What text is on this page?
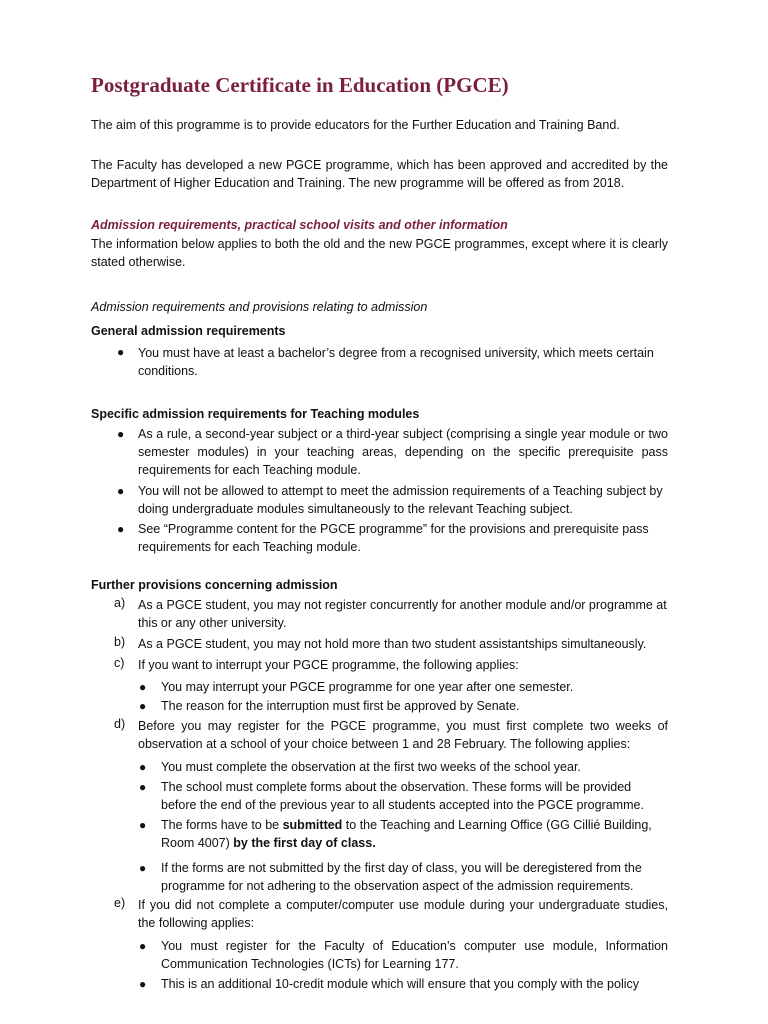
Postgraduate Certificate in Education (PGCE)
The aim of this programme is to provide educators for the Further Education and Training Band.
The Faculty has developed a new PGCE programme, which has been approved and accredited by the Department of Higher Education and Training. The new programme will be offered as from 2018.
Admission requirements, practical school visits and other information
The information below applies to both the old and the new PGCE programmes, except where it is clearly stated otherwise.
Admission requirements and provisions relating to admission
General admission requirements
● You must have at least a bachelor’s degree from a recognised university, which meets certain conditions.
Specific admission requirements for Teaching modules
● As a rule, a second-year subject or a third-year subject (comprising a single year module or two semester modules) in your teaching areas, depending on the specific prerequisite pass requirements for each Teaching module.
● You will not be allowed to attempt to meet the admission requirements of a Teaching subject by doing undergraduate modules simultaneously to the relevant Teaching subject.
● See “Programme content for the PGCE programme” for the provisions and prerequisite pass requirements for each Teaching module.
Further provisions concerning admission
a) As a PGCE student, you may not register concurrently for another module and/or programme at this or any other university.
b) As a PGCE student, you may not hold more than two student assistantships simultaneously.
c) If you want to interrupt your PGCE programme, the following applies:
● You may interrupt your PGCE programme for one year after one semester.
● The reason for the interruption must first be approved by Senate.
d) Before you may register for the PGCE programme, you must first complete two weeks of observation at a school of your choice between 1 and 28 February. The following applies:
● You must complete the observation at the first two weeks of the school year.
● The school must complete forms about the observation. These forms will be provided before the end of the previous year to all students accepted into the PGCE programme.
● The forms have to be submitted to the Teaching and Learning Office (GG Cillié Building, Room 4007) by the first day of class.
● If the forms are not submitted by the first day of class, you will be deregistered from the programme for not adhering to the observation aspect of the admission requirements.
e) If you did not complete a computer/computer use module during your undergraduate studies, the following applies:
● You must register for the Faculty of Education’s computer use module, Information Communication Technologies (ICTs) for Learning 177.
● This is an additional 10-credit module which will ensure that you comply with the policy
